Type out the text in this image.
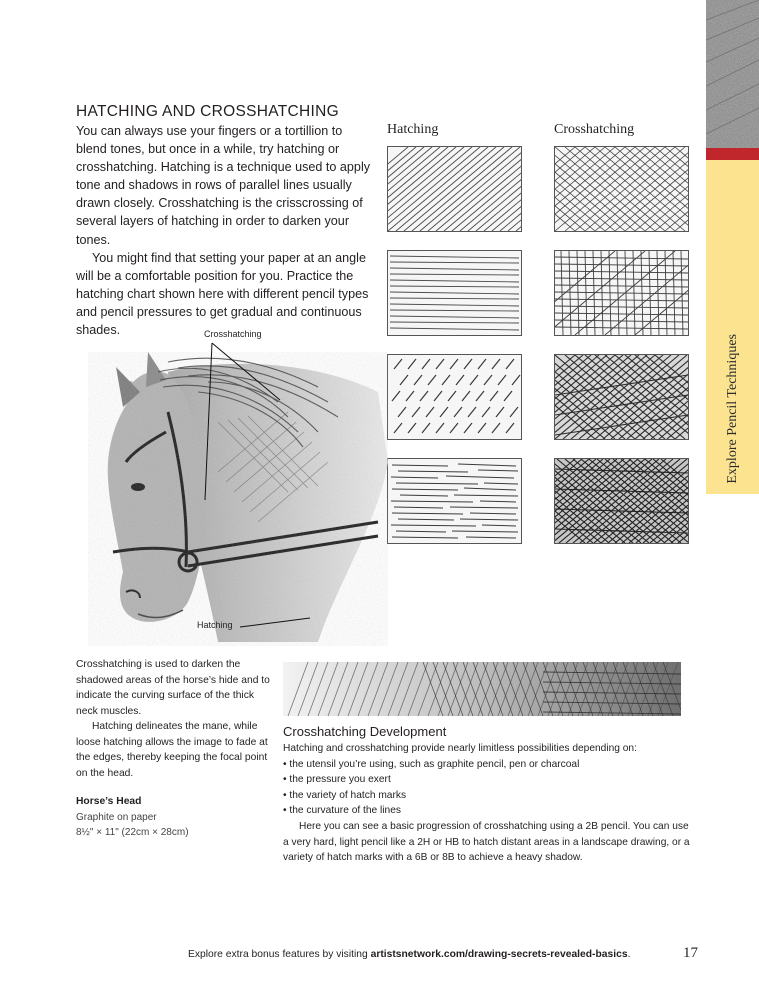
Explore Pencil Techniques
HATCHING AND CROSSHATCHING

You can always use your fingers or a tortillion to blend tones, but once in a while, try hatching or crosshatching. Hatching is a technique used to apply tone and shadows in rows of parallel lines usually drawn closely. Crosshatching is the crisscrossing of several layers of hatching in order to darken your tones.

You might find that setting your paper at an angle will be a comfortable position for you. Practice the hatching chart shown here with different pencil types and pencil pressures to get gradual and continuous shades.

Hatching	Crosshatching
Crosshatching
Hatching

Crosshatching is used to darken the shadowed areas of the horse’s hide and to indicate the curving surface of the thick neck muscles.

Hatching delineates the mane, while loose hatching allows the image to fade at the edges, thereby keeping the focal point on the head.

Horse’s Head
Graphite on paper
8½" × 11" (22cm × 28cm)
Crosshatching Development

Hatching and crosshatching provide nearly limitless possibilities depending on:

• the utensil you’re using, such as graphite pencil, pen or charcoal
• the pressure you exert
• the variety of hatch marks
• the curvature of the lines

Here you can see a basic progression of crosshatching using a 2B pencil. You can use a very hard, light pencil like a 2H or HB to hatch distant areas in a landscape drawing, or a variety of hatch marks with a 6B or 8B to achieve a heavy shadow.

Explore extra bonus features by visiting artistsnetwork.com/drawing-secrets-revealed-basics.	17
